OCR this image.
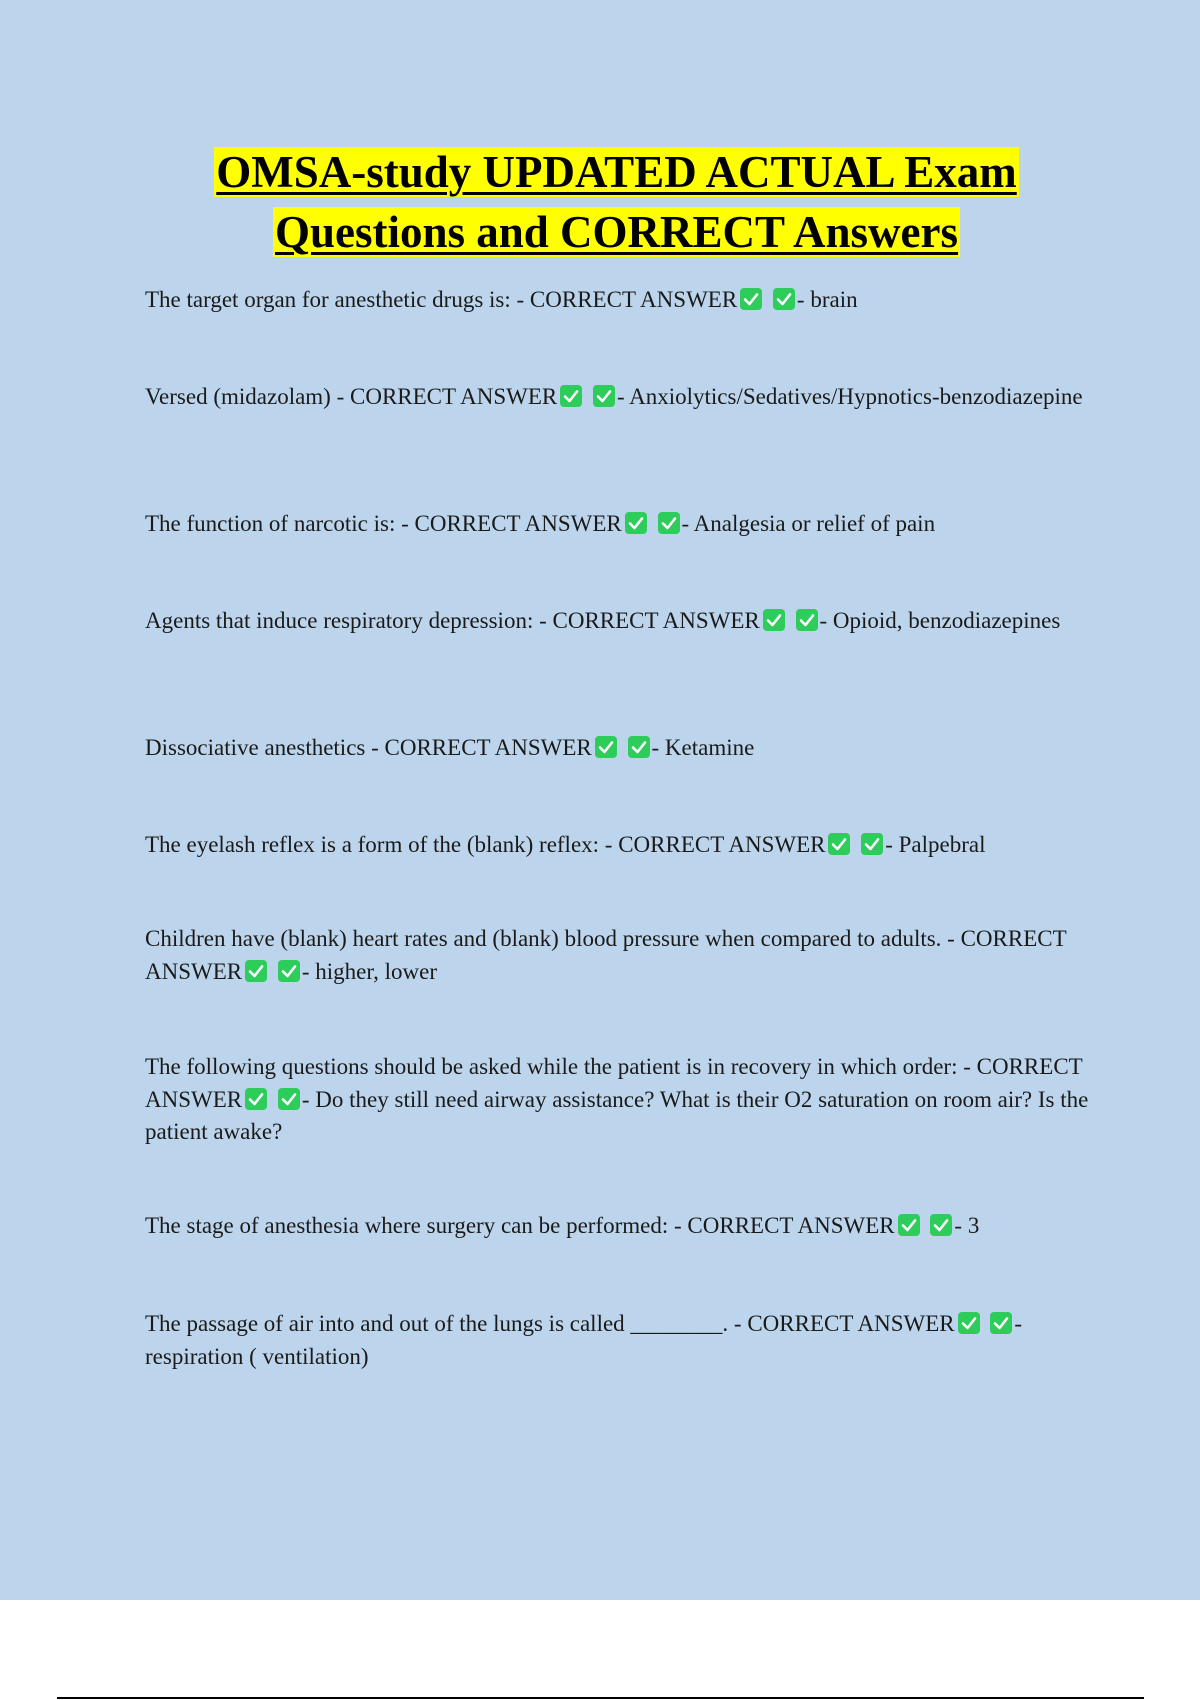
OMSA-study UPDATED ACTUAL Exam
Questions and CORRECT Answers

The target organ for anesthetic drugs is: - CORRECT ANSWER
	- brain

Versed (midazolam) - CORRECT ANSWER
	- Anxiolytics/Sedatives/Hypnotics-benzodiazepine

The function of narcotic is: - CORRECT ANSWER
	- Analgesia or relief of pain

Agents that induce respiratory depression: - CORRECT ANSWER
	- Opioid, benzodiazepines

Dissociative anesthetics - CORRECT ANSWER
	- Ketamine

The eyelash reflex is a form of the (blank) reflex: - CORRECT ANSWER
	- Palpebral

Children have (blank) heart rates and (blank) blood pressure when compared to adults. - CORRECT ANSWER
	- higher, lower

The following questions should be asked while the patient is in recovery in which order: - CORRECT ANSWER
	- Do they still need airway assistance? What is their O2 saturation on room air? Is the patient awake?

The stage of anesthesia where surgery can be performed: - CORRECT ANSWER
	- 3

The passage of air into and out of the lungs is called ________. - CORRECT ANSWER
	- respiration ( ventilation)
